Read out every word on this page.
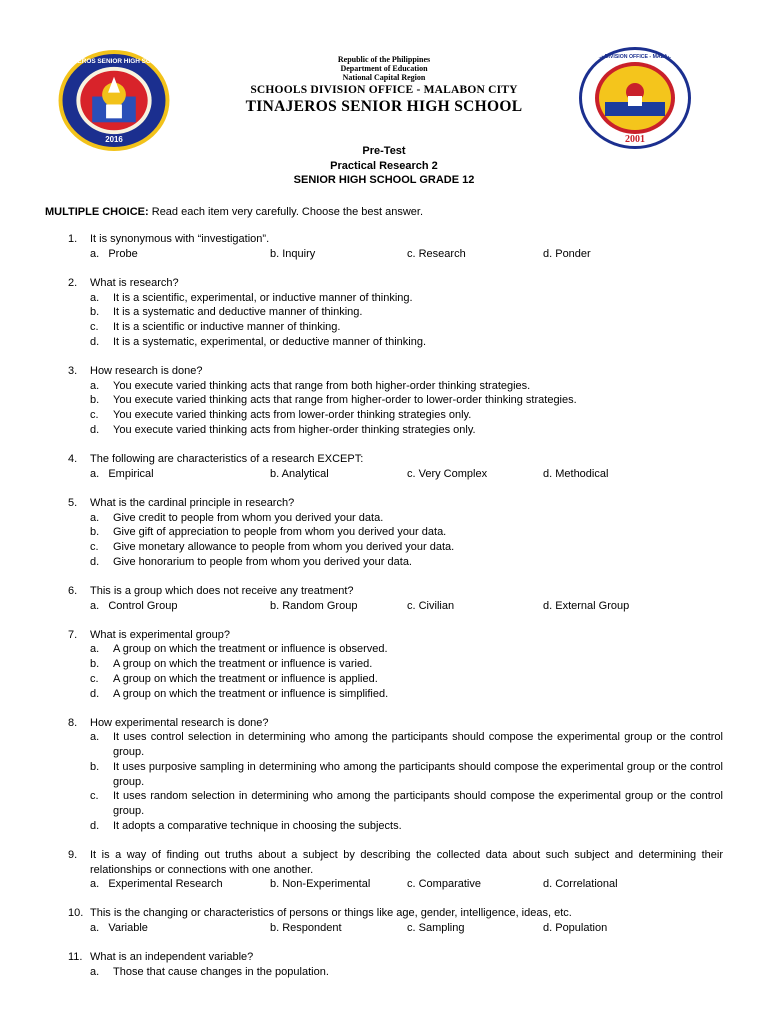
2016
TINAJEROS SENIOR HIGH SCHOOL	Republic of the Philippines
Department of Education
National Capital Region
SCHOOLS DIVISION OFFICE - MALABON CITY
TINAJEROS SENIOR HIGH SCHOOL
2001
SCHOOLS DIVISION OFFICE - MALABON CITY
Pre-Test
Practical Research 2
SENIOR HIGH SCHOOL GRADE 12
MULTIPLE CHOICE: Read each item very carefully. Choose the best answer.
1.	It is synonymous with “investigation”.
a.   Probe	b. Inquiry	c. Research	d. Ponder
2.	What is research?
a. It is a scientific, experimental, or inductive manner of thinking.
b. It is a systematic and deductive manner of thinking.
c. It is a scientific or inductive manner of thinking.
d. It is a systematic, experimental, or deductive manner of thinking.
3.	How research is done?
a. You execute varied thinking acts that range from both higher-order thinking strategies.
b. You execute varied thinking acts that range from higher-order to lower-order thinking strategies.
c. You execute varied thinking acts from lower-order thinking strategies only.
d. You execute varied thinking acts from higher-order thinking strategies only.
4.	The following are characteristics of a research EXCEPT:
a.   Empirical	b. Analytical	c. Very Complex	d. Methodical
5.	What is the cardinal principle in research?
a. Give credit to people from whom you derived your data.
b. Give gift of appreciation to people from whom you derived your data.
c. Give monetary allowance to people from whom you derived your data.
d. Give honorarium to people from whom you derived your data.
6.	This is a group which does not receive any treatment?
a.   Control Group	b. Random Group	c. Civilian	d. External Group
7.	What is experimental group?
a. A group on which the treatment or influence is observed.
b. A group on which the treatment or influence is varied.
c. A group on which the treatment or influence is applied.
d. A group on which the treatment or influence is simplified.
8.	How experimental research is done?
a. It uses control selection in determining who among the participants should compose the experimental group or the control group.
b. It uses purposive sampling in determining who among the participants should compose the experimental group or the control group.
c. It uses random selection in determining who among the participants should compose the experimental group or the control group.
d. It adopts a comparative technique in choosing the subjects.
9.	It is a way of finding out truths about a subject by describing the collected data about such subject and determining their relationships or connections with one another.
a.   Experimental Research	b. Non-Experimental	c. Comparative	d. Correlational
10. This is the changing or characteristics of persons or things like age, gender, intelligence, ideas, etc.
a.   Variable	b. Respondent	c. Sampling	d. Population
11. What is an independent variable?
a. Those that cause changes in the population.
